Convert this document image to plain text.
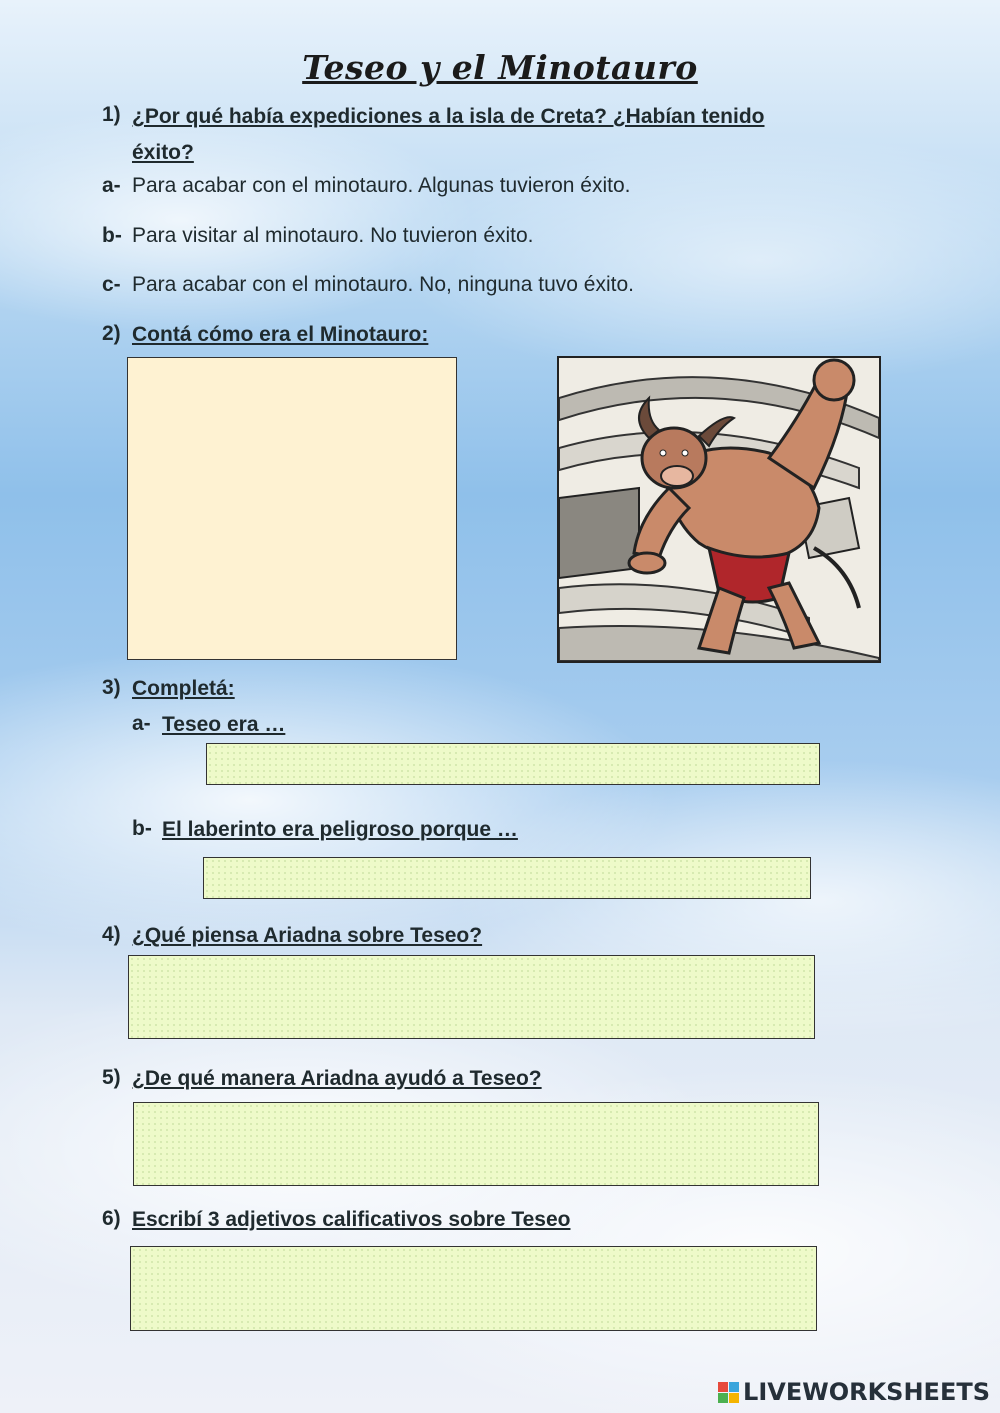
Teseo y el Minotauro
1) ¿Por qué había expediciones a la isla de Creta? ¿Habían tenido
éxito?
a- Para acabar con el minotauro. Algunas tuvieron éxito.
b- Para visitar al minotauro. No tuvieron éxito.
c- Para acabar con el minotauro. No, ninguna tuvo éxito.
2) Contá cómo era el Minotauro:
3) Completá:
a- Teseo era …
b- El laberinto era peligroso porque …
4) ¿Qué piensa Ariadna sobre Teseo?
5) ¿De qué manera Ariadna ayudó a Teseo?
6) Escribí 3 adjetivos calificativos sobre Teseo
LIVEWORKSHEETS
